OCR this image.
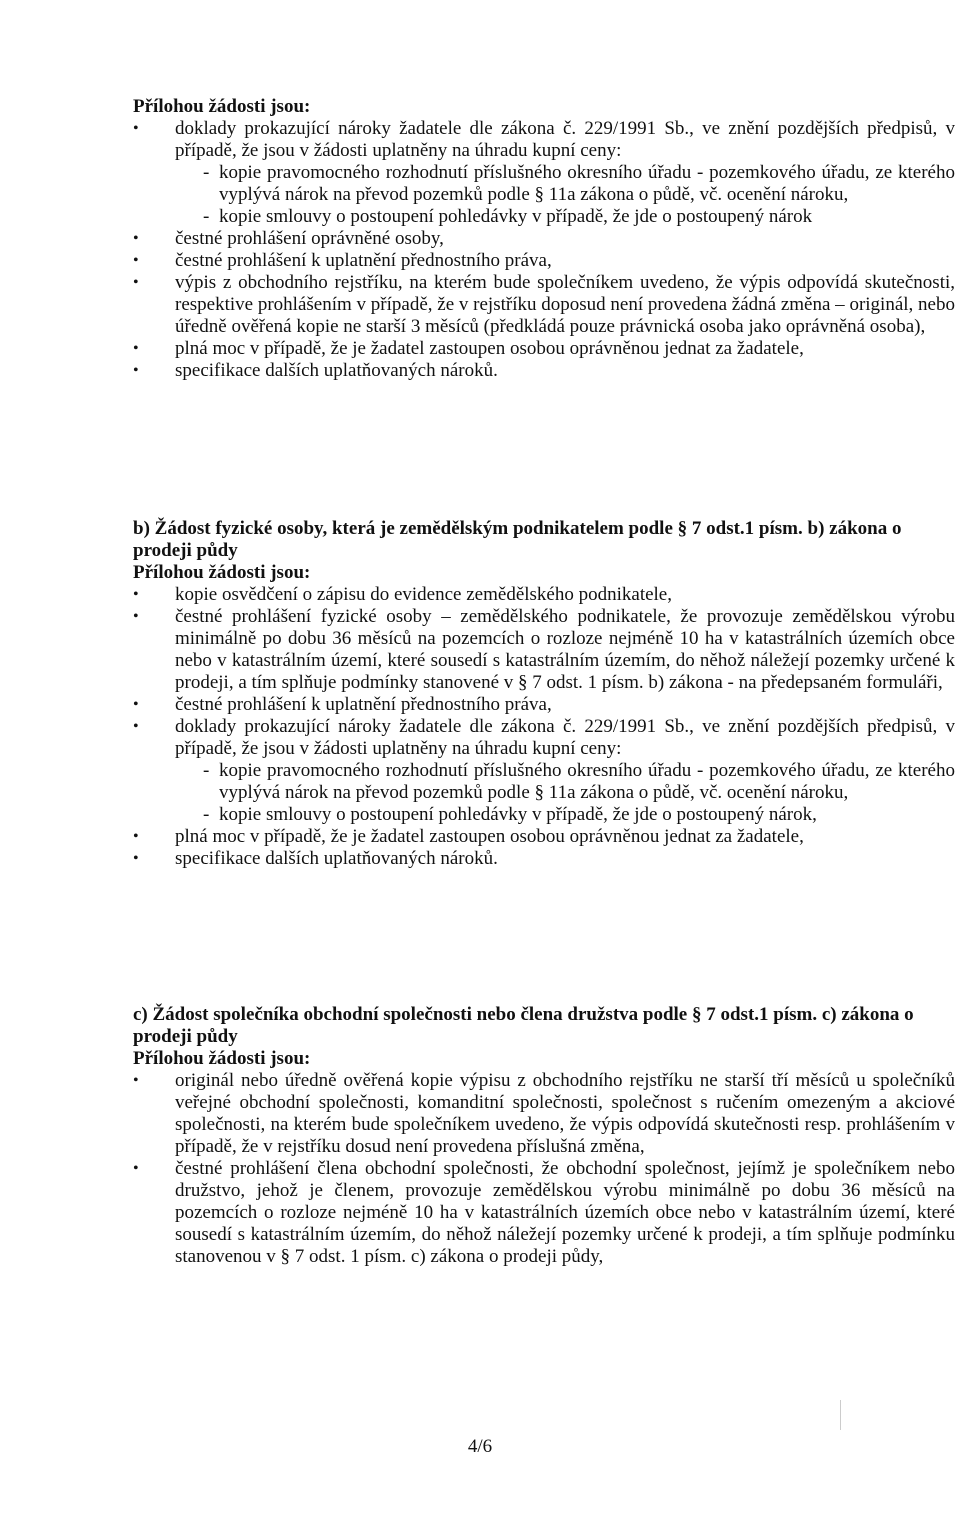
Přílohou žádosti jsou:
•	doklady prokazující nároky žadatele dle zákona č. 229/1991 Sb., ve znění pozdějších předpisů, v případě, že jsou v žádosti uplatněny na úhradu kupní ceny:
- kopie pravomocného rozhodnutí příslušného okresního úřadu - pozemkového úřadu, ze kterého vyplývá nárok na převod pozemků podle § 11a zákona o půdě, vč. ocenění nároku,
- kopie smlouvy o postoupení pohledávky v případě, že jde o postoupený nárok
•	čestné prohlášení oprávněné osoby,
•	čestné prohlášení k uplatnění přednostního práva,
•	výpis z obchodního rejstříku, na kterém bude společníkem uvedeno, že výpis odpovídá skutečnosti, respektive prohlášením v případě, že v rejstříku doposud není provedena žádná změna – originál, nebo úředně ověřená kopie ne starší 3 měsíců (předkládá pouze právnická osoba jako oprávněná osoba),
•	plná moc v případě, že je žadatel zastoupen osobou oprávněnou jednat za žadatele,
•	specifikace dalších uplatňovaných nároků.
b) Žádost fyzické osoby, která je zemědělským podnikatelem podle § 7 odst.1 písm. b) zákona o prodeji půdy
Přílohou žádosti jsou:
•	kopie osvědčení o zápisu do evidence zemědělského podnikatele,
•	čestné prohlášení fyzické osoby – zemědělského podnikatele, že provozuje zemědělskou výrobu minimálně po dobu 36 měsíců na pozemcích o rozloze nejméně 10 ha v katastrálních územích obce nebo v katastrálním území, které sousedí s katastrálním územím, do něhož náležejí pozemky určené k prodeji, a tím splňuje podmínky stanovené v § 7 odst. 1 písm. b) zákona - na předepsaném formuláři,
•	čestné prohlášení k uplatnění přednostního práva,
•	doklady prokazující nároky žadatele dle zákona č. 229/1991 Sb., ve znění pozdějších předpisů, v případě, že jsou v žádosti uplatněny na úhradu kupní ceny:
- kopie pravomocného rozhodnutí příslušného okresního úřadu - pozemkového úřadu, ze kterého vyplývá nárok na převod pozemků podle § 11a zákona o půdě, vč. ocenění nároku,
- kopie smlouvy o postoupení pohledávky v případě, že jde o postoupený nárok,
•	plná moc v případě, že je žadatel zastoupen osobou oprávněnou jednat za žadatele,
•	specifikace dalších uplatňovaných nároků.
c) Žádost společníka obchodní společnosti nebo člena družstva podle § 7 odst.1 písm. c) zákona o prodeji půdy
Přílohou žádosti jsou:
•	originál nebo úředně ověřená kopie výpisu z obchodního rejstříku ne starší tří měsíců u společníků veřejné obchodní společnosti, komanditní společnosti, společnost s ručením omezeným a akciové společnosti, na kterém bude společníkem uvedeno, že výpis odpovídá skutečnosti resp. prohlášením v případě, že v rejstříku dosud není provedena příslušná změna,
•	čestné prohlášení člena obchodní společnosti, že obchodní společnost, jejímž je společníkem nebo družstvo, jehož je členem, provozuje zemědělskou výrobu minimálně po dobu 36 měsíců na pozemcích o rozloze nejméně 10 ha v katastrálních územích obce nebo v katastrálním území, které sousedí s katastrálním územím, do něhož náležejí pozemky určené k prodeji, a tím splňuje podmínku stanovenou v § 7 odst. 1 písm. c) zákona o prodeji půdy,
4/6
